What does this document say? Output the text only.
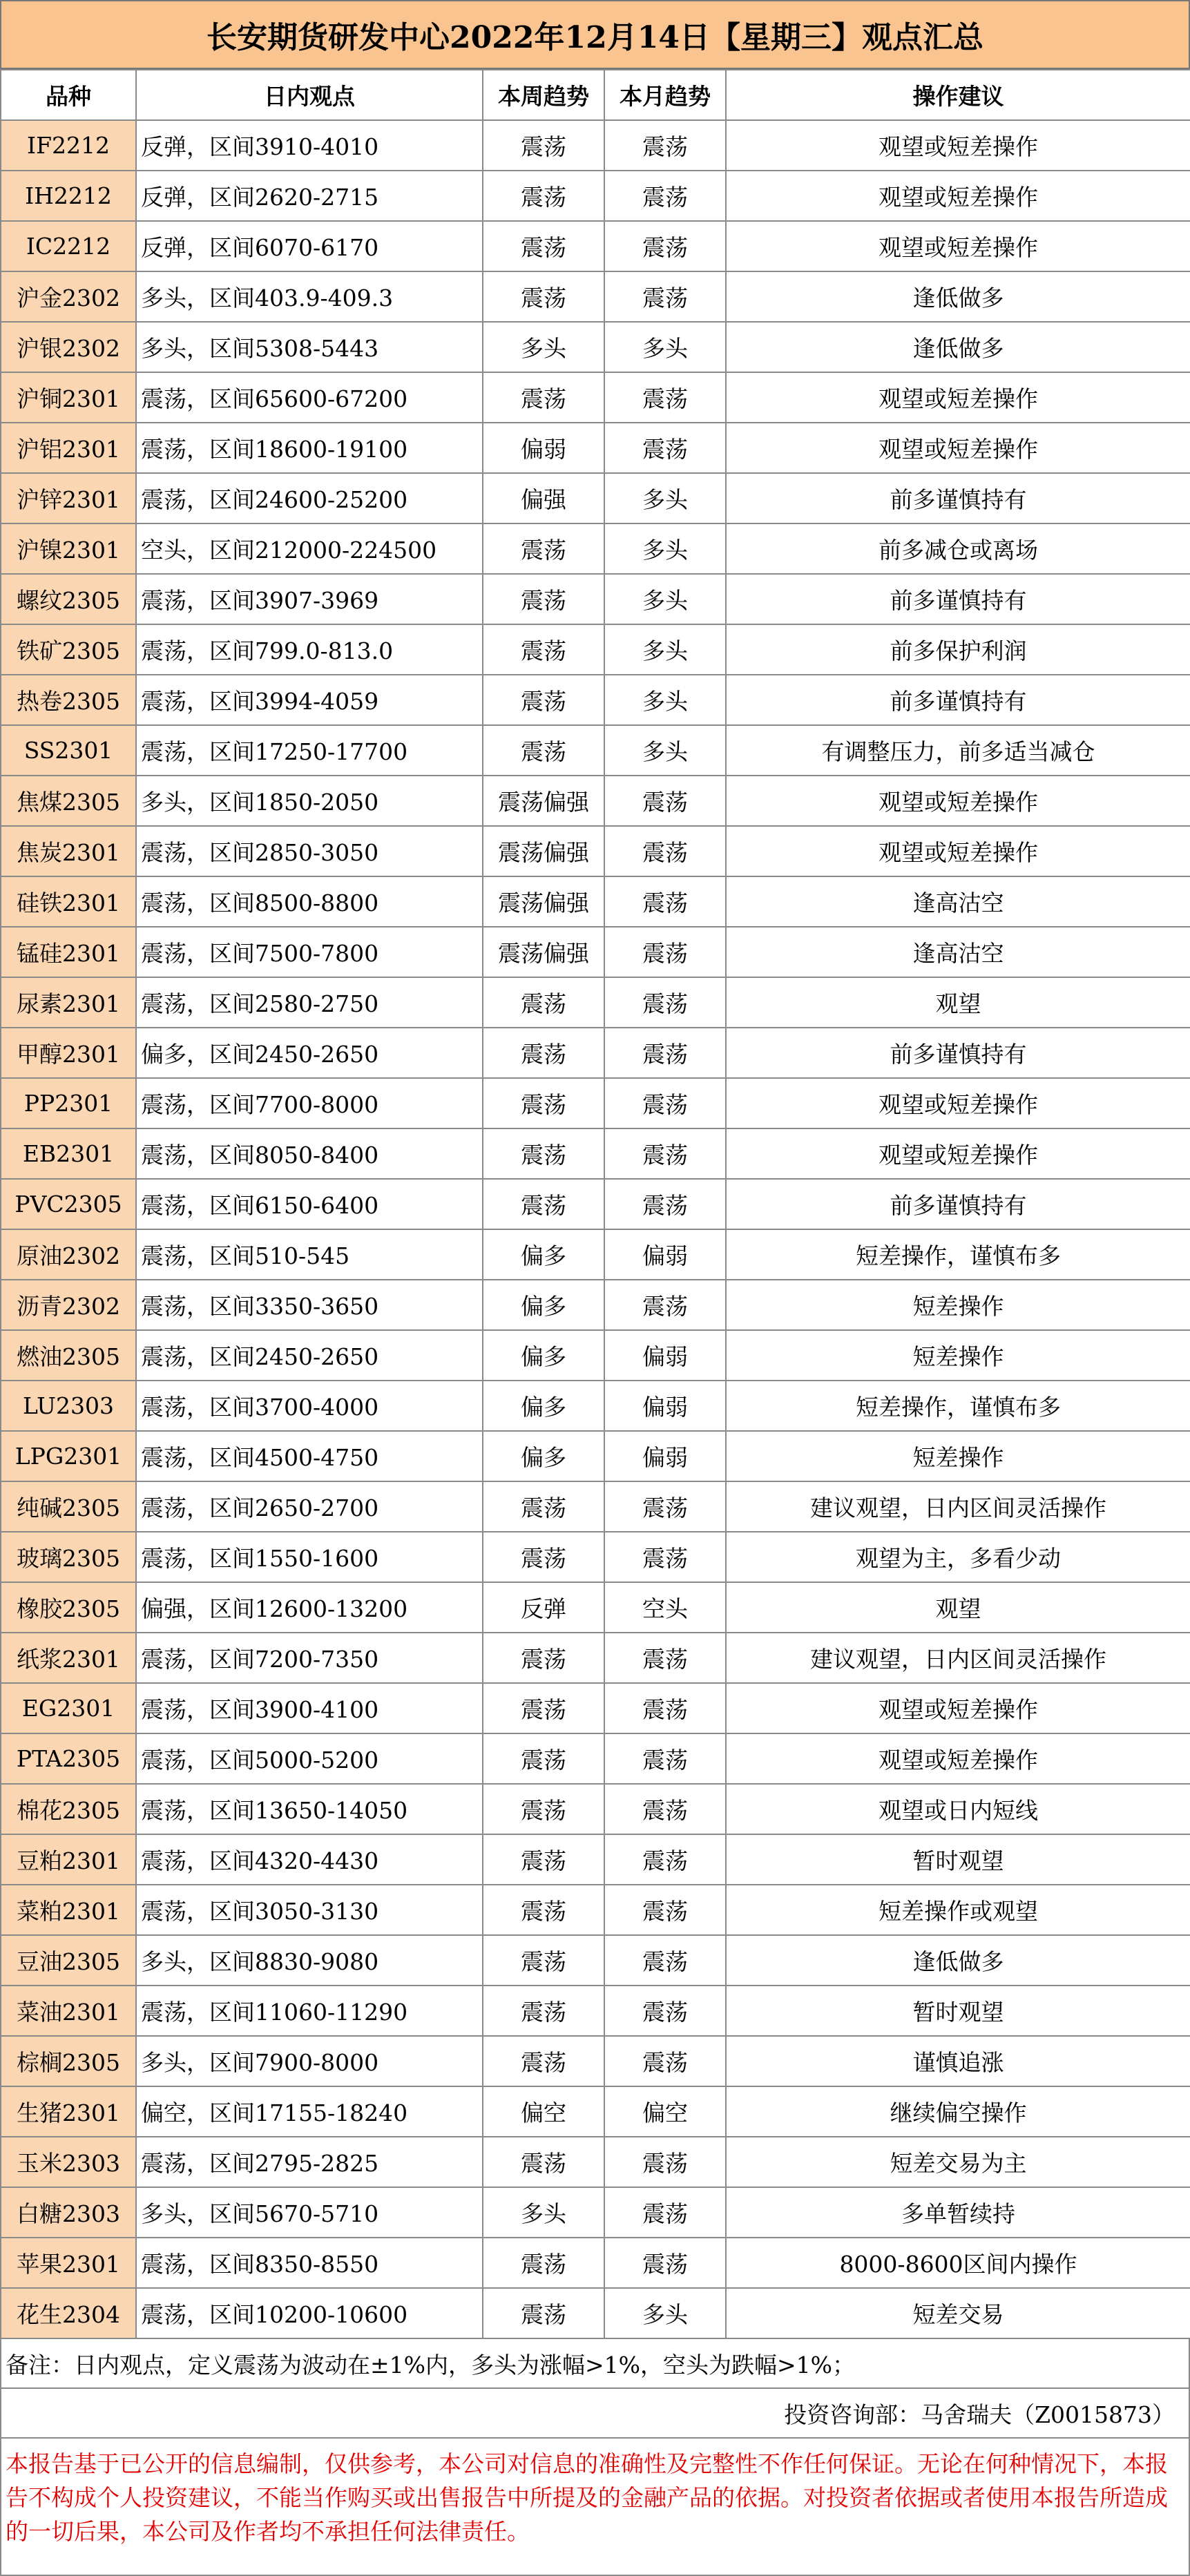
长安期货研发中心2022年12月14日【星期三】观点汇总
品种	日内观点	本周趋势	本月趋势	操作建议
IF2212	反弹，区间3910-4010	震荡	震荡	观望或短差操作
IH2212	反弹，区间2620-2715	震荡	震荡	观望或短差操作
IC2212	反弹，区间6070-6170	震荡	震荡	观望或短差操作
沪金2302	多头，区间403.9-409.3	震荡	震荡	逢低做多
沪银2302	多头，区间5308-5443	多头	多头	逢低做多
沪铜2301	震荡，区间65600-67200	震荡	震荡	观望或短差操作
沪铝2301	震荡，区间18600-19100	偏弱	震荡	观望或短差操作
沪锌2301	震荡，区间24600-25200	偏强	多头	前多谨慎持有
沪镍2301	空头，区间212000-224500	震荡	多头	前多减仓或离场
螺纹2305	震荡，区间3907-3969	震荡	多头	前多谨慎持有
铁矿2305	震荡，区间799.0-813.0	震荡	多头	前多保护利润
热卷2305	震荡，区间3994-4059	震荡	多头	前多谨慎持有
SS2301	震荡，区间17250-17700	震荡	多头	有调整压力，前多适当减仓
焦煤2305	多头，区间1850-2050	震荡偏强	震荡	观望或短差操作
焦炭2301	震荡，区间2850-3050	震荡偏强	震荡	观望或短差操作
硅铁2301	震荡，区间8500-8800	震荡偏强	震荡	逢高沽空
锰硅2301	震荡，区间7500-7800	震荡偏强	震荡	逢高沽空
尿素2301	震荡，区间2580-2750	震荡	震荡	观望
甲醇2301	偏多，区间2450-2650	震荡	震荡	前多谨慎持有
PP2301	震荡，区间7700-8000	震荡	震荡	观望或短差操作
EB2301	震荡，区间8050-8400	震荡	震荡	观望或短差操作
PVC2305	震荡，区间6150-6400	震荡	震荡	前多谨慎持有
原油2302	震荡，区间510-545	偏多	偏弱	短差操作，谨慎布多
沥青2302	震荡，区间3350-3650	偏多	震荡	短差操作
燃油2305	震荡，区间2450-2650	偏多	偏弱	短差操作
LU2303	震荡，区间3700-4000	偏多	偏弱	短差操作，谨慎布多
LPG2301	震荡，区间4500-4750	偏多	偏弱	短差操作
纯碱2305	震荡，区间2650-2700	震荡	震荡	建议观望，日内区间灵活操作
玻璃2305	震荡，区间1550-1600	震荡	震荡	观望为主，多看少动
橡胶2305	偏强，区间12600-13200	反弹	空头	观望
纸浆2301	震荡，区间7200-7350	震荡	震荡	建议观望，日内区间灵活操作
EG2301	震荡，区间3900-4100	震荡	震荡	观望或短差操作
PTA2305	震荡，区间5000-5200	震荡	震荡	观望或短差操作
棉花2305	震荡，区间13650-14050	震荡	震荡	观望或日内短线
豆粕2301	震荡，区间4320-4430	震荡	震荡	暂时观望
菜粕2301	震荡，区间3050-3130	震荡	震荡	短差操作或观望
豆油2305	多头，区间8830-9080	震荡	震荡	逢低做多
菜油2301	震荡，区间11060-11290	震荡	震荡	暂时观望
棕榈2305	多头，区间7900-8000	震荡	震荡	谨慎追涨
生猪2301	偏空，区间17155-18240	偏空	偏空	继续偏空操作
玉米2303	震荡，区间2795-2825	震荡	震荡	短差交易为主
白糖2303	多头，区间5670-5710	多头	震荡	多单暂续持
苹果2301	震荡，区间8350-8550	震荡	震荡	8000-8600区间内操作
花生2304	震荡，区间10200-10600	震荡	多头	短差交易
备注：日内观点，定义震荡为波动在±1%内，多头为涨幅>1%，空头为跌幅>1%；
投资咨询部：马舍瑞夫（Z0015873）
本报告基于已公开的信息编制，仅供参考，本公司对信息的准确性及完整性不作任何保证。无论在何种情况下，本报告不构成个人投资建议，不能当作购买或出售报告中所提及的金融产品的依据。对投资者依据或者使用本报告所造成的一切后果，本公司及作者均不承担任何法律责任。
